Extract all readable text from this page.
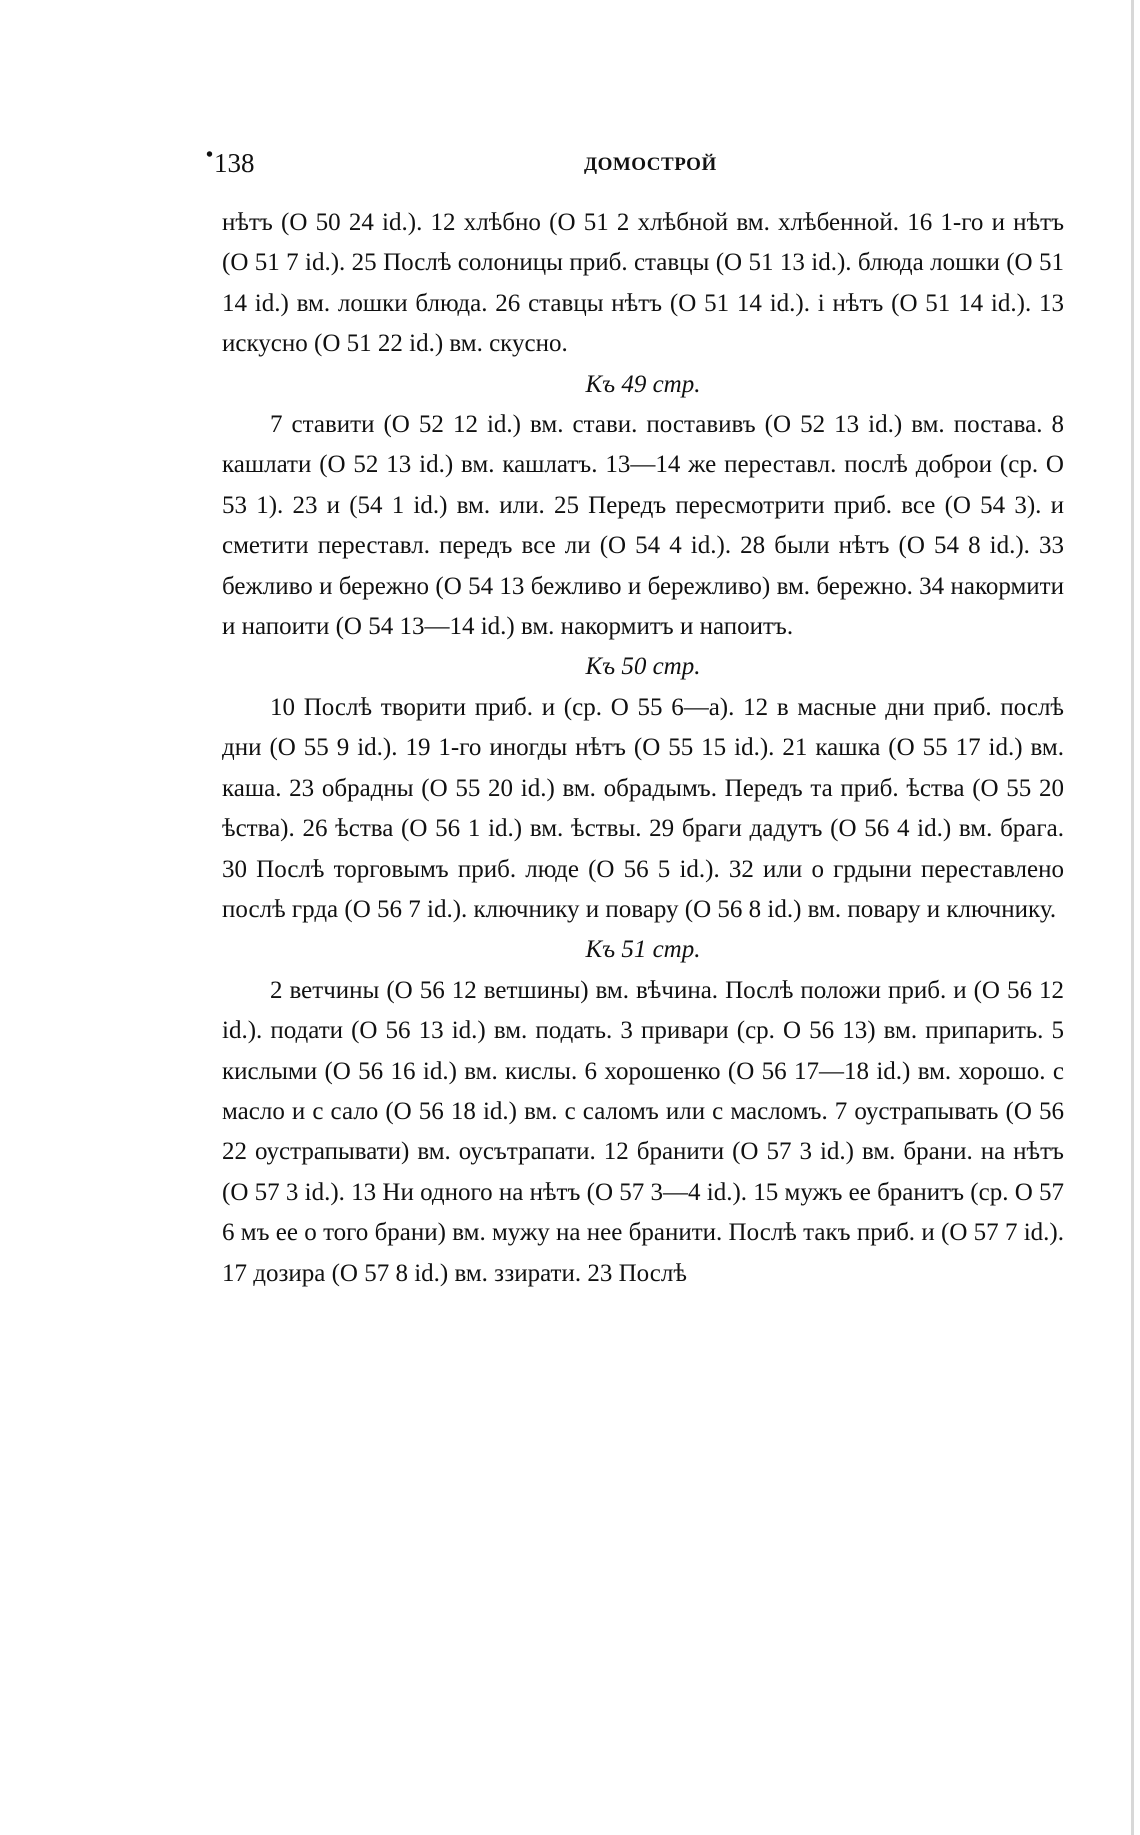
• 138	ДОМОСТРОЙ

нѣтъ (О 50 24 id.). 12 хлѣбно (О 51 2 хлѣбной вм. хлѣбенной. 16 1-го и нѣтъ (О 51 7 id.). 25 Послѣ солоницы приб. ставцы (О 51 13 id.). блюда лошки (О 51 14 id.) вм. лошки блюда. 26 ставцы нѣтъ (О 51 14 id.). і нѣтъ (О 51 14 id.). 13 искусно (О 51 22 id.) вм. скусно.

Къ 49 стр.

7 ставити (О 52 12 id.) вм. стави. поставивъ (О 52 13 id.) вм. постава. 8 кашлати (О 52 13 id.) вм. кашлатъ. 13—14 же переставл. послѣ доброи (ср. О 53 1). 23 и (54 1 id.) вм. или. 25 Передъ пересмотрити приб. все (О 54 3). и сметити переставл. передъ все ли (О 54 4 id.). 28 были нѣтъ (О 54 8 id.). 33 бежливо и бережно (О 54 13 бежливо и бережливо) вм. бережно. 34 накормити и напоити (О 54 13—14 id.) вм. накормитъ и напоитъ.

Къ 50 стр.

10 Послѣ творити приб. и (ср. О 55 6—а). 12 в масные дни приб. послѣ дни (О 55 9 id.). 19 1-го иногды нѣтъ (О 55 15 id.). 21 кашка (О 55 17 id.) вм. каша. 23 обрадны (О 55 20 id.) вм. обрадымъ. Передъ та приб. ѣства (О 55 20 ѣства). 26 ѣства (О 56 1 id.) вм. ѣствы. 29 браги дадутъ (О 56 4 id.) вм. брага. 30 Послѣ торговымъ приб. люде (О 56 5 id.). 32 или о грдыни переставлено послѣ грда (О 56 7 id.). ключнику и повару (О 56 8 id.) вм. повару и ключнику.

Къ 51 стр.

2 ветчины (О 56 12 ветшины) вм. вѣчина. Послѣ положи приб. и (О 56 12 id.). подати (О 56 13 id.) вм. подать. 3 привари (ср. О 56 13) вм. припарить. 5 кислыми (О 56 16 id.) вм. кислы. 6 хорошенко (О 56 17—18 id.) вм. хорошо. с масло и с сало (О 56 18 id.) вм. с саломъ или с масломъ. 7 оустрапывать (О 56 22 оустрапывати) вм. оусътрапати. 12 бранити (О 57 3 id.) вм. брани. на нѣтъ (О 57 3 id.). 13 Ни одного на нѣтъ (О 57 3—4 id.). 15 мужъ ее бранитъ (ср. О 57 6 мъ ее о того брани) вм. мужу на нее бранити. Послѣ такъ приб. и (О 57 7 id.). 17 дозира (О 57 8 id.) вм. ззирати. 23 Послѣ
